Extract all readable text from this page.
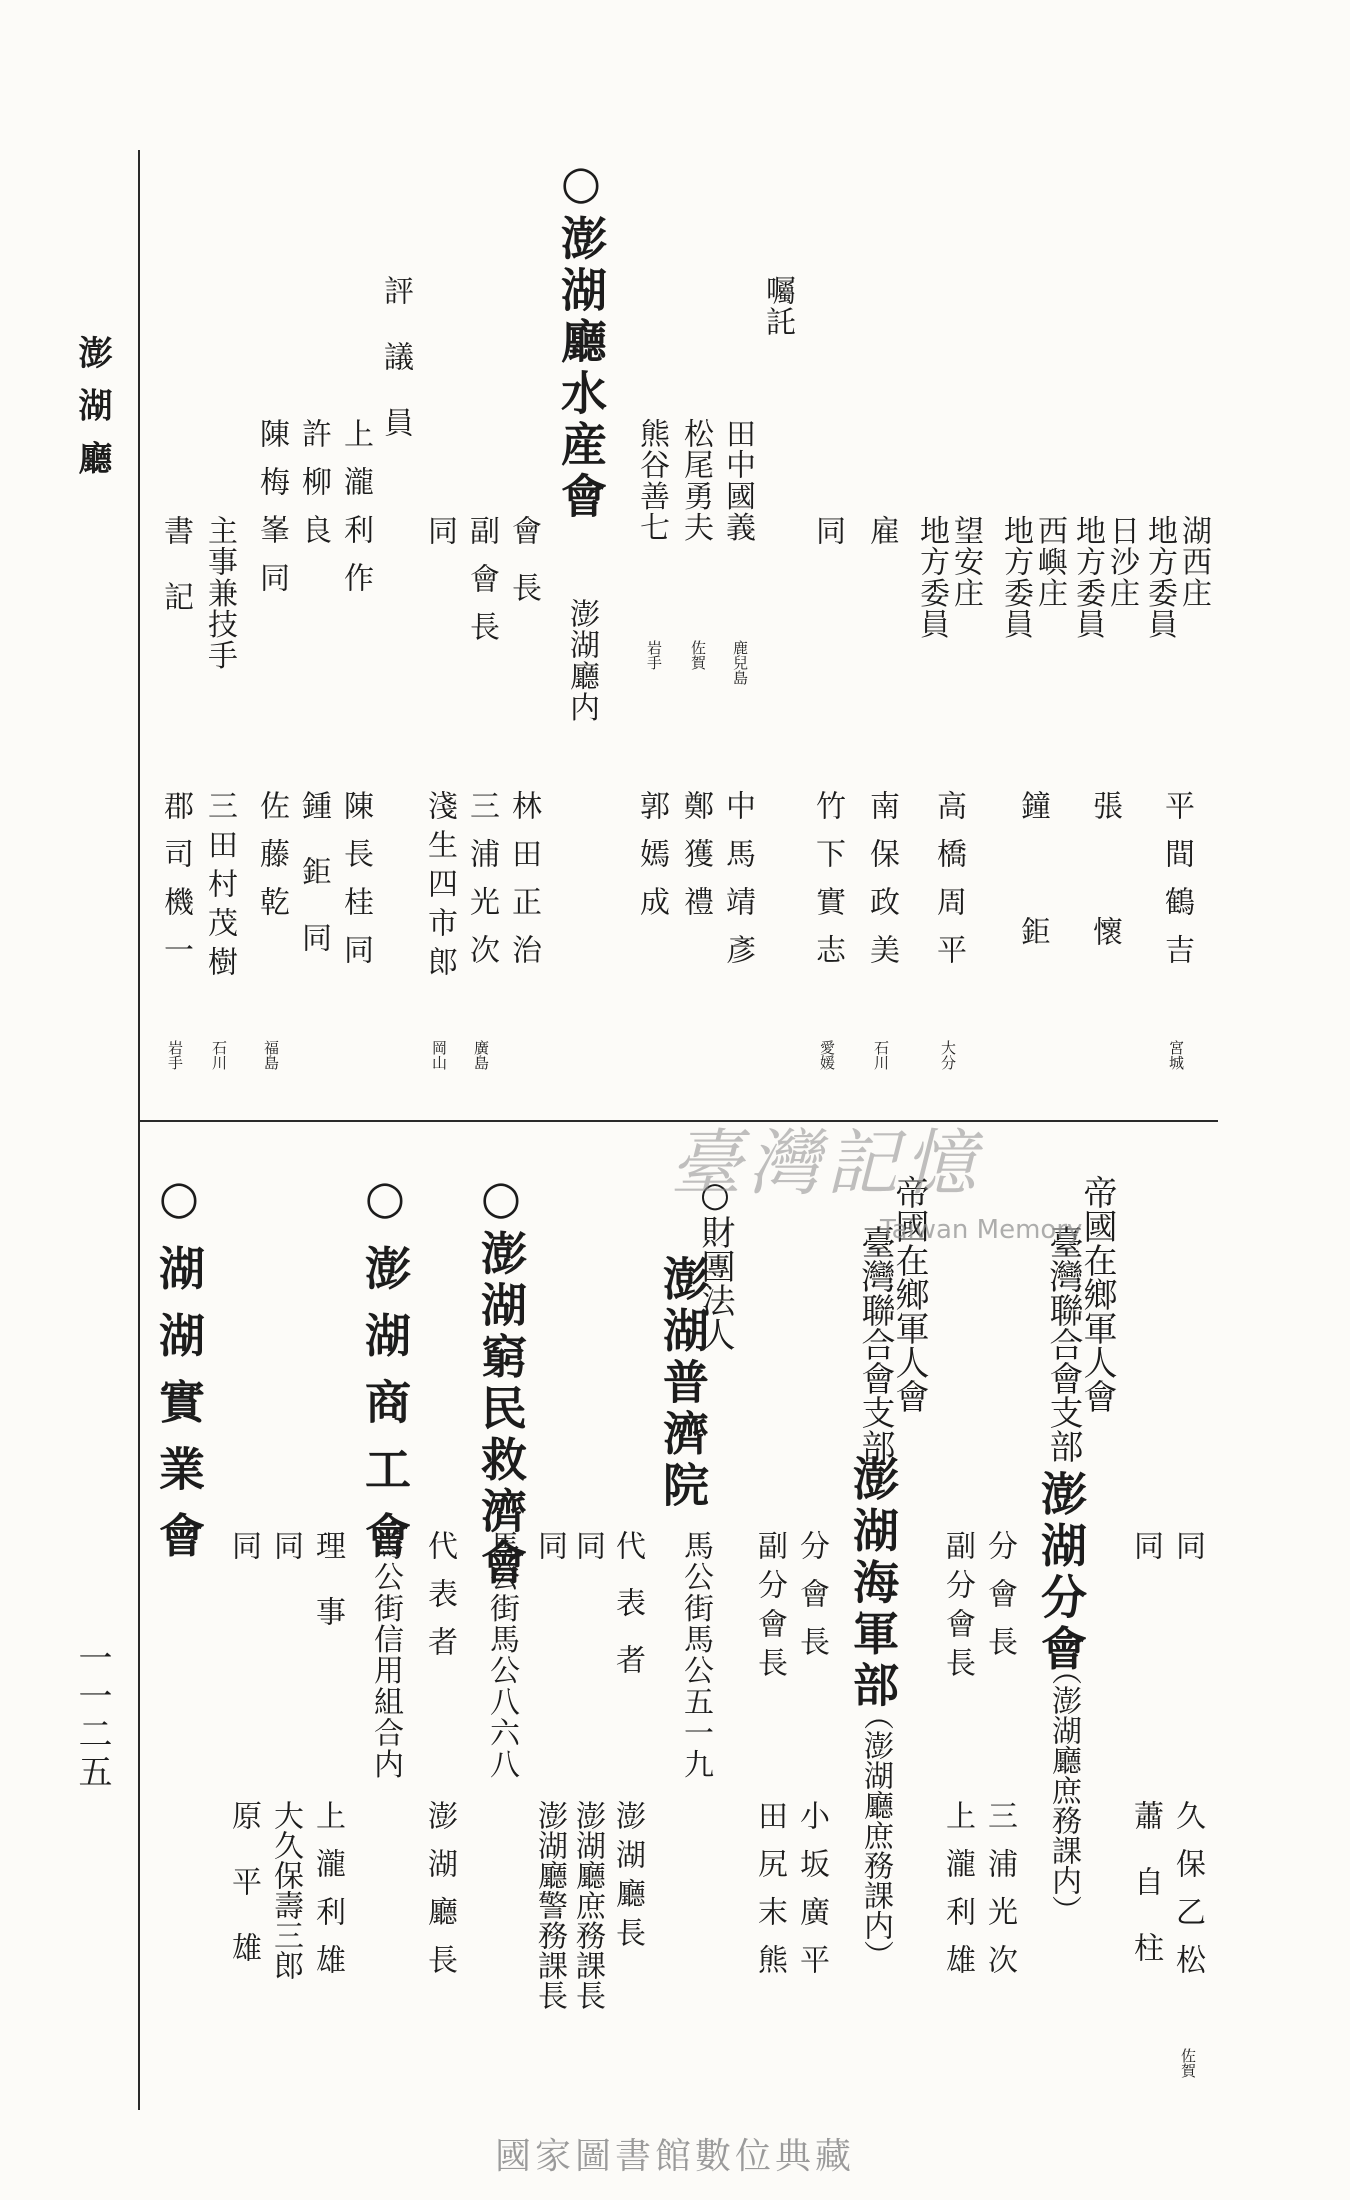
澎湖廳
一一二五
湖西庄
地方委員
平間鶴吉
宮城
日沙庄
地方委員
張懷
西嶼庄
地方委員
鐘鉅
望安庄
地方委員
高橋周平
大分
雇
南保政美
石川
同
竹下實志
愛媛
囑託
田中國義
鹿兒島
中馬靖彥
松尾勇夫
佐賀
鄭獲禮
熊谷善七
岩手
郭嫣成
○澎湖廳水産會
澎湖廳内
會長
林田正治
副會長
三浦光次
廣島
同
淺生四市郎
岡山
評議員
上瀧利作
陳長桂同
許柳良
鍾鉅同
陳梅峯同
佐藤乾
福島
主事兼技手
三田村茂樹
石川
書記
郡司機一
岩手
帝國在鄉軍人會
臺灣聯合會支部
澎湖分會
（澎湖廳庶務課内）
同
久保乙松
佐賀
同
蕭自柱
分會長
三浦光次
副分會長
上瀧利雄
帝國在鄉軍人會
臺灣聯合會支部
澎湖海軍部
（澎湖廳庶務課内）
分會長
小坂廣平
副分會長
田尻末熊
○財團法人
澎湖普濟院
馬公街馬公五一九
代表者
澎湖廳長
同
澎湖廳庶務課長
同
澎湖廳警務課長
○澎湖窮民救濟會
馬公街馬公八六八
代表者
澎湖廳長
○澎湖商工會
馬公街信用組合内
理事
上瀧利雄
同
大久保壽三郎
同
原平雄
○湖湖實業會
臺灣記憶
Taiwan Memory
國家圖書館數位典藏
